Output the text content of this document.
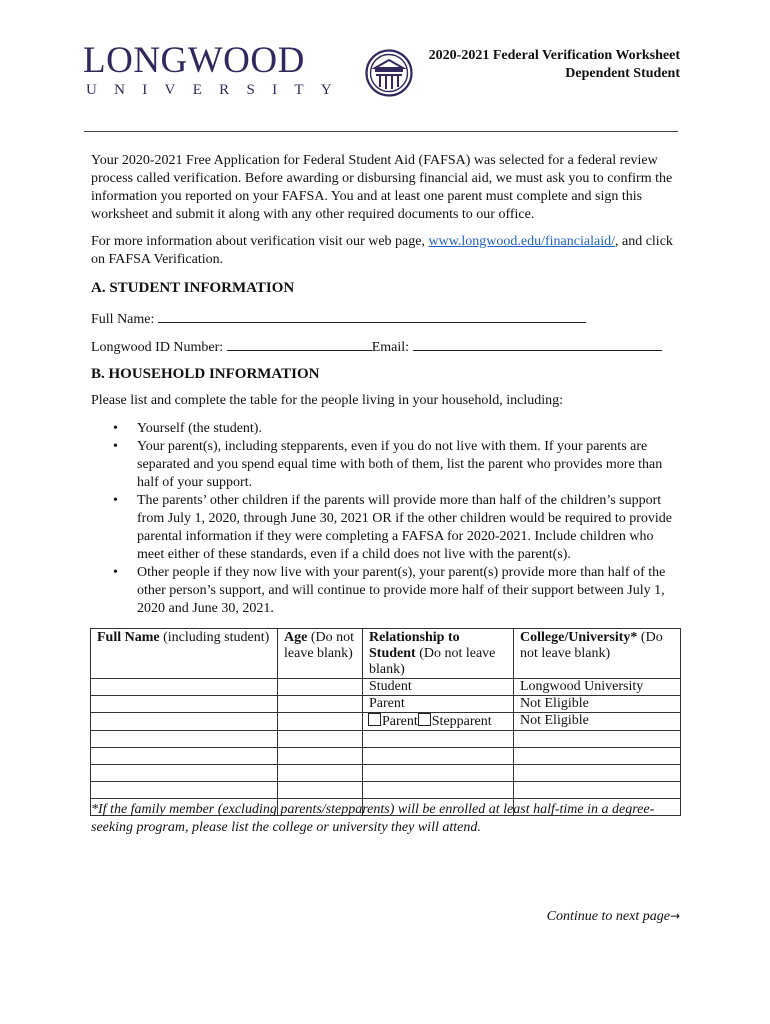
LONGWOOD
UNIVERSITY
2020-2021 Federal Verification Worksheet
Dependent Student
Your 2020-2021 Free Application for Federal Student Aid (FAFSA) was selected for a federal review process called verification. Before awarding or disbursing financial aid, we must ask you to confirm the information you reported on your FAFSA. You and at least one parent must complete and sign this worksheet and submit it along with any other required documents to our office.
For more information about verification visit our web page, www.longwood.edu/financialaid/, and click on FAFSA Verification.
A. STUDENT INFORMATION
Full Name:
Longwood ID Number:	Email:
B. HOUSEHOLD INFORMATION
Please list and complete the table for the people living in your household, including:
• Yourself (the student).
• Your parent(s), including stepparents, even if you do not live with them. If your parents are separated and you spend equal time with both of them, list the parent who provides more than half of your support.
• The parents’ other children if the parents will provide more than half of the children’s support from July 1, 2020, through June 30, 2021 OR if the other children would be required to provide parental information if they were completing a FAFSA for 2020-2021. Include children who meet either of these standards, even if a child does not live with the parent(s).
• Other people if they now live with your parent(s), your parent(s) provide more than half of the other person’s support, and will continue to provide more half of their support between July 1, 2020 and June 30, 2021.
Full Name (including student)	Age (Do not leave blank)	Relationship to Student (Do not leave blank)	College/University* (Do not leave blank)
		Student	Longwood University
		Parent	Not Eligible
		Parent Stepparent	Not Eligible

*If the family member (excluding parents/stepparents) will be enrolled at least half-time in a degree-seeking program, please list the college or university they will attend.
Continue to next page→
